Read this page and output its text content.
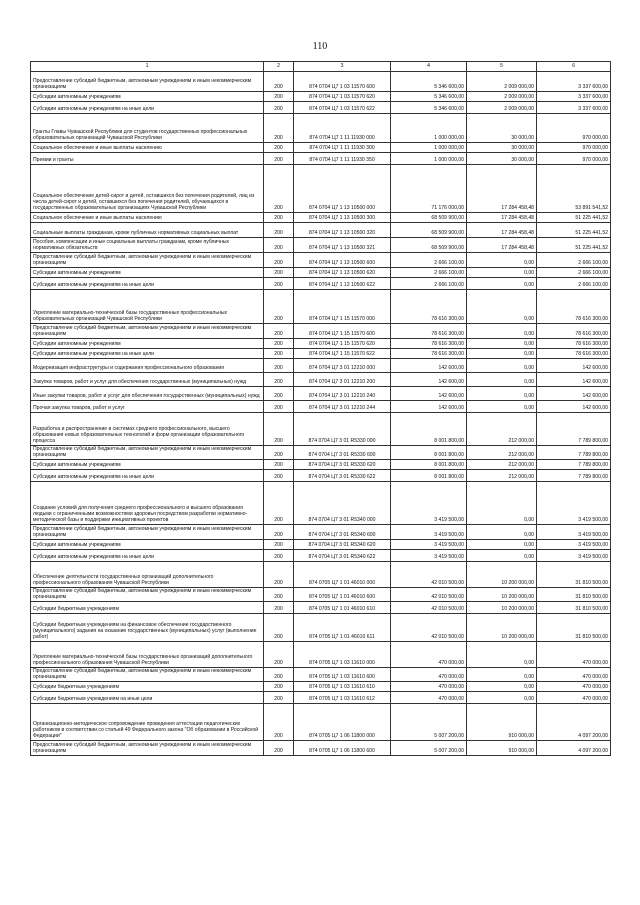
110
1	2	3	4	5	6
Предоставление субсидий бюджетным, автономным учреждениям и иным некоммерческим организациям	200	874 0704 Ц7 1 03 11570 600	5 346 600,00	2 009 000,00	3 337 600,00
Субсидии автономным учреждениям	200	874 0704 Ц7 1 03 11570 620	5 346 600,00	2 009 000,00	3 337 600,00
Субсидии автономным учреждениям на иные цели	200	874 0704 Ц7 1 03 11570 622	5 346 600,00	2 009 000,00	3 337 600,00
Гранты Главы Чувашской Республики для студентов государственных профессиональных образовательных организаций Чувашской Республики	200	874 0704 Ц7 1 11 11930 000	1 000 000,00	30 000,00	970 000,00
Социальное обеспечение и иные выплаты населению	200	874 0704 Ц7 1 11 11930 300	1 000 000,00	30 000,00	970 000,00
Премии и гранты	200	874 0704 Ц7 1 11 11930 350	1 000 000,00	30 000,00	970 000,00
Социальное обеспечение детей-сирот и детей, оставшихся без попечения родителей, лиц из числа детей-сирот и детей, оставшихся без попечения родителей, обучающихся в государственных образовательных организациях Чувашской Республики	200	874 0704 Ц7 1 13 10500 000	71 176 000,00	17 284 458,48	53 891 541,52
Социальное обеспечение и иные выплаты населению	200	874 0704 Ц7 1 13 10500 300	68 509 900,00	17 284 458,48	51 225 441,52
Социальные выплаты гражданам, кроме публичных нормативных социальных выплат	200	874 0704 Ц7 1 13 10500 320	68 509 900,00	17 284 458,48	51 225 441,52
Пособия, компенсации и иные социальные выплаты гражданам, кроме публичных нормативных обязательств	200	874 0704 Ц7 1 13 10500 321	68 509 900,00	17 284 458,48	51 225 441,52
Предоставление субсидий бюджетным, автономным учреждениям и иным некоммерческим организациям	200	874 0704 Ц7 1 13 10500 600	2 666 100,00	0,00	2 666 100,00
Субсидии автономным учреждениям	200	874 0704 Ц7 1 13 10500 620	2 666 100,00	0,00	2 666 100,00
Субсидии автономным учреждениям на иные цели	200	874 0704 Ц7 1 13 10500 622	2 666 100,00	0,00	2 666 100,00
Укрепление материально-технической базы государственных профессиональных образовательных организаций Чувашской Республики	200	874 0704 Ц7 1 15 11570 000	78 616 300,00	0,00	78 616 300,00
Предоставление субсидий бюджетным, автономным учреждениям и иным некоммерческим организациям	200	874 0704 Ц7 1 15 11570 600	78 616 300,00	0,00	78 616 300,00
Субсидии автономным учреждениям	200	874 0704 Ц7 1 15 11570 620	78 616 300,00	0,00	78 616 300,00
Субсидии автономным учреждениям на иные цели	200	874 0704 Ц7 1 15 11570 622	78 616 300,00	0,00	78 616 300,00
Модернизация инфраструктуры и содержания профессионального образования	200	874 0704 Ц7 3 01 12210 000	142 600,00	0,00	142 600,00
Закупка товаров, работ и услуг для обеспечения государственных (муниципальных) нужд	200	874 0704 Ц7 3 01 12210 200	142 600,00	0,00	142 600,00
Иные закупки товаров, работ и услуг для обеспечения государственных (муниципальных) нужд	200	874 0704 Ц7 3 01 12210 240	142 600,00	0,00	142 600,00
Прочая закупка товаров, работ и услуг	200	874 0704 Ц7 3 01 12210 244	142 600,00	0,00	142 600,00
Разработка и распространение в системах среднего профессионального, высшего образования новых образовательных технологий и форм организации образовательного процесса	200	874 0704 Ц7 3 01 R5330 000	8 001 800,00	212 000,00	7 789 800,00
Предоставление субсидий бюджетным, автономным учреждениям и иным некоммерческим организациям	200	874 0704 Ц7 3 01 R5330 600	8 001 800,00	212 000,00	7 789 800,00
Субсидии автономным учреждениям	200	874 0704 Ц7 3 01 R5330 620	8 001 800,00	212 000,00	7 789 800,00
Субсидии автономным учреждениям на иные цели	200	874 0704 Ц7 3 01 R5330 622	8 001 800,00	212 000,00	7 789 800,00
Создание условий для получения среднего профессионального и высшего образования людьми с ограниченными возможностями здоровья посредством разработки нормативно-методической базы и поддержки инициативных проектов	200	874 0704 Ц7 3 01 R5340 000	3 419 500,00	0,00	3 419 500,00
Предоставление субсидий бюджетным, автономным учреждениям и иным некоммерческим организациям	200	874 0704 Ц7 3 01 R5340 600	3 419 500,00	0,00	3 419 500,00
Субсидии автономным учреждениям	200	874 0704 Ц7 3 01 R5340 620	3 419 500,00	0,00	3 419 500,00
Субсидии автономным учреждениям на иные цели	200	874 0704 Ц7 3 01 R5340 622	3 419 500,00	0,00	3 419 500,00
Обеспечение деятельности государственных организаций дополнительного профессионального образования Чувашской Республики	200	874 0705 Ц7 1 01 46010 000	42 010 500,00	10 200 000,00	31 810 500,00
Предоставление субсидий бюджетным, автономным учреждениям и иным некоммерческим организациям	200	874 0705 Ц7 1 01 46010 600	42 010 500,00	10 200 000,00	31 810 500,00
Субсидии бюджетным учреждениям	200	874 0705 Ц7 1 01 46010 610	42 010 500,00	10 200 000,00	31 810 500,00
Субсидии бюджетным учреждениям на финансовое обеспечение государственного (муниципального) задания на оказание государственных (муниципальных) услуг (выполнение работ)	200	874 0705 Ц7 1 01 46010 611	42 010 500,00	10 200 000,00	31 810 500,00
Укрепление материально-технической базы государственных организаций дополнительного профессионального образования Чувашской Республики	200	874 0705 Ц7 1 03 11610 000	470 000,00	0,00	470 000,00
Предоставление субсидий бюджетным, автономным учреждениям и иным некоммерческим организациям	200	874 0705 Ц7 1 03 11610 600	470 000,00	0,00	470 000,00
Субсидии бюджетным учреждениям	200	874 0705 Ц7 1 03 11610 610	470 000,00	0,00	470 000,00
Субсидии бюджетным учреждениям на иные цели	200	874 0705 Ц7 1 03 11610 612	470 000,00	0,00	470 000,00
Организационно-методическое сопровождение проведения аттестации педагогических работников в соответствии со статьей 49 Федерального закона "Об образовании в Российской Федерации"	200	874 0705 Ц7 1 06 11800 000	5 007 200,00	910 000,00	4 097 200,00
Предоставление субсидий бюджетным, автономным учреждениям и иным некоммерческим организациям	200	874 0705 Ц7 1 06 11800 600	5 007 200,00	910 000,00	4 097 200,00
